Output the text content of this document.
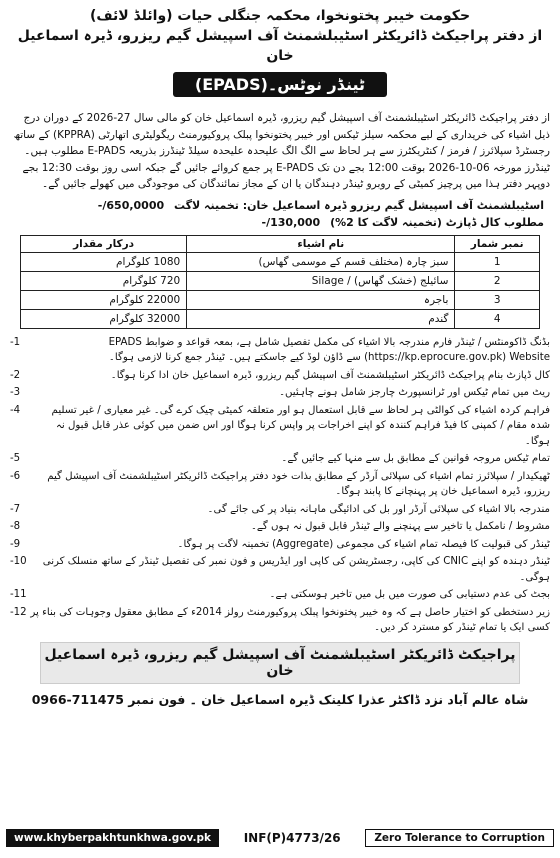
حکومت خیبر پختونخوا، محکمہ جنگلی حیات (وائلڈ لائف)
از دفتر پراجیکٹ ڈائریکٹر اسٹیبلشمنٹ آف اسپیشل گیم ریزرو، ڈیرہ اسماعیل خان
ٹینڈر نوٹس۔(EPADS)
از دفتر پراجیکٹ ڈائریکٹر اسٹیبلشمنٹ آف اسپیشل گیم ریزرو، ڈیرہ اسماعیل خان کو مالی سال 27-2026 کے دوران درج ذیل اشیاء کی خریداری کے لیے محکمہ سیلز ٹیکس اور خیبر پختونخوا پبلک پروکیورمنٹ ریگولیٹری اتھارٹی (KPPRA) کے ساتھ رجسٹرڈ سپلائرز / فرمز / کنٹریکٹرز سے ہر لحاظ سے الگ الگ علیحدہ علیحدہ سیلڈ ٹینڈرز بذریعہ E-PADS مطلوب ہیں۔ ٹینڈرز مورخہ 06-10-2026 بوقت 12:00 بجے دن تک E-PADS پر جمع کروائے جائیں گے جبکہ اسی روز بوقت 12:30 بجے دوپہر دفتر ہذا میں پرچیز کمیٹی کے روبرو ٹینڈر دہندگان یا ان کے مجاز نمائندگان کی موجودگی میں کھولے جائیں گے۔
اسٹیبلشمنٹ آف اسپیشل گیم ریزرو ڈیرہ اسماعیل خان: تخمینہ لاگت -/650,0000
مطلوب کال ڈپازٹ (تخمینہ لاگت کا 2%) -/130,000
نمبر شمار	نام اشیاء	درکار مقدار
1	سبز چارہ (مختلف قسم کے موسمی گھاس)	1080 کلوگرام
2	سائیلج (خشک گھاس) / Silage	720 کلوگرام
3	باجرہ	22000 کلوگرام
4	گندم	32000 کلوگرام
بڈنگ ڈاکومنٹس / ٹینڈر فارم مندرجہ بالا اشیاء کی مکمل تفصیل شامل ہے، بمعہ قواعد و ضوابط EPADS (https://kp.eprocure.gov.pk) Website سے ڈاؤن لوڈ کیے جاسکتے ہیں۔ ٹینڈر جمع کرنا لازمی ہوگا۔
-1
کال ڈپازٹ بنام پراجیکٹ ڈائریکٹر اسٹیبلشمنٹ آف اسپیشل گیم ریزرو، ڈیرہ اسماعیل خان ادا کرنا ہوگا۔
-2
ریٹ میں تمام ٹیکس اور ٹرانسپورٹ چارجز شامل ہونے چاہئیں۔
-3
فراہم کردہ اشیاء کی کوالٹی ہر لحاظ سے قابل استعمال ہو اور متعلقہ کمیٹی چیک کرے گی۔ غیر معیاری / غیر تسلیم شدہ مقام / کمپنی کا فیڈ فراہم کنندہ کو اپنے اخراجات پر واپس کرنا ہوگا اور اس ضمن میں کوئی عذر قابل قبول نہ ہوگا۔
-4
تمام ٹیکس مروجہ قوانین کے مطابق بل سے منہا کیے جائیں گے۔
-5
ٹھیکیدار / سپلائرز تمام اشیاء کی سپلائی آرڈر کے مطابق بذات خود دفتر پراجیکٹ ڈائریکٹر اسٹیبلشمنٹ آف اسپیشل گیم ریزرو، ڈیرہ اسماعیل خان پر پہنچانے کا پابند ہوگا۔
-6
مندرجہ بالا اشیاء کی سپلائی آرڈر اور بل کی ادائیگی ماہانہ بنیاد پر کی جائے گی۔
-7
مشروط / نامکمل یا تاخیر سے پہنچنے والے ٹینڈر قابل قبول نہ ہوں گے۔
-8
ٹینڈر کی قبولیت کا فیصلہ تمام اشیاء کی مجموعی (Aggregate) تخمینہ لاگت پر ہوگا۔
-9
ٹینڈر دہندہ کو اپنے CNIC کی کاپی، رجسٹریشن کی کاپی اور ایڈریس و فون نمبر کی تفصیل ٹینڈر کے ساتھ منسلک کرنی ہوگی۔
-10
بجٹ کی عدم دستیابی کی صورت میں بل میں تاخیر ہوسکتی ہے۔
-11
زیر دستخطی کو اختیار حاصل ہے کہ وہ خیبر پختونخوا پبلک پروکیورمنٹ رولز 2014ء کے مطابق معقول وجوہات کی بناء پر کسی ایک یا تمام ٹینڈر کو مسترد کر دیں۔
-12
پراجیکٹ ڈائریکٹر اسٹیبلشمنٹ آف اسپیشل گیم ریزرو، ڈیرہ اسماعیل خان
شاہ عالم آباد نزد ڈاکٹر عذرا کلینک ڈیرہ اسماعیل خان ۔ فون نمبر 0966-711475
www.khyberpakhtunkhwa.gov.pk	INF(P)4773/26	Zero Tolerance to Corruption
